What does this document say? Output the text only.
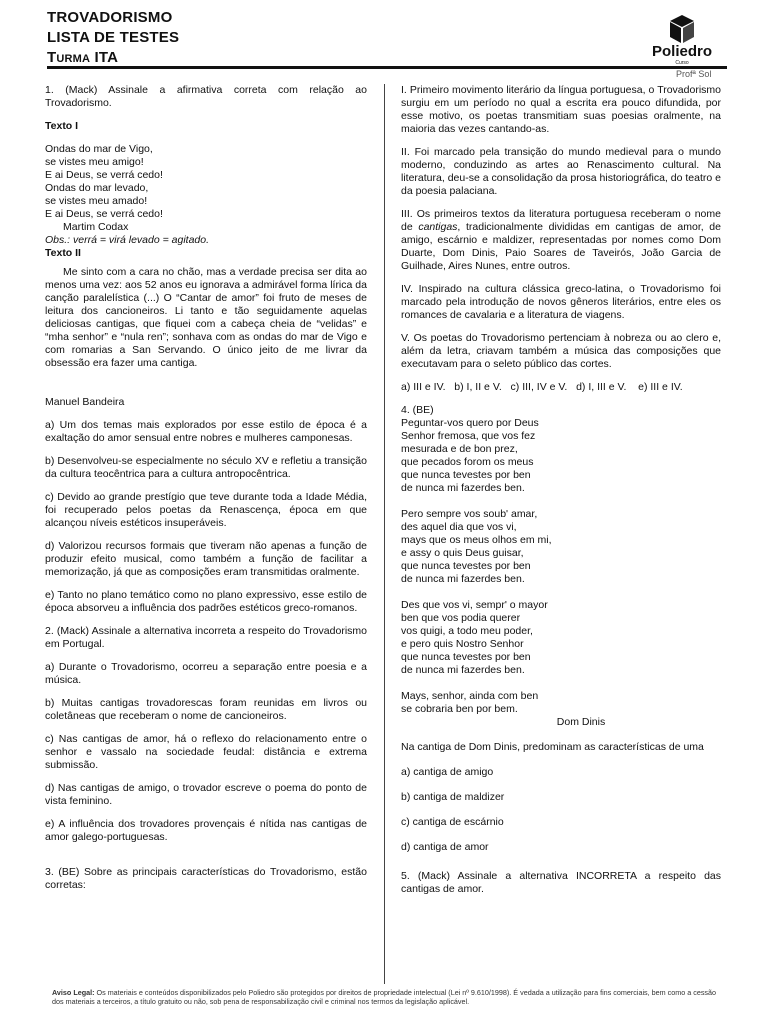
TROVADORISMO

LISTA DE TESTES

Turma ITA	Poliedro
Curso
Profª Sol

1. (Mack) Assinale a afirmativa correta com relação ao Trovadorismo.

Texto I

Ondas do mar de Vigo,
se vistes meu amigo!
E ai Deus, se verrá cedo!
Ondas do mar levado,
se vistes meu amado!
E ai Deus, se verrá cedo!

Martim Codax

Obs.: verrá = virá levado = agitado.

Texto II

Me sinto com a cara no chão, mas a verdade precisa ser dita ao menos uma vez: aos 52 anos eu ignorava a admirável forma lírica da canção paralelística (...) O “Cantar de amor” foi fruto de meses de leitura dos cancioneiros. Li tanto e tão seguidamente aquelas deliciosas cantigas, que fiquei com a cabeça cheia de “velidas” e “mha senhor” e “nula ren”; sonhava com as ondas do mar de Vigo e com romarias a San Servando. O único jeito de me livrar da obsessão era fazer uma cantiga.

Manuel Bandeira

a) Um dos temas mais explorados por esse estilo de época é a exaltação do amor sensual entre nobres e mulheres camponesas.

b) Desenvolveu-se especialmente no século XV e refletiu a transição da cultura teocêntrica para a cultura antropocêntrica.

c) Devido ao grande prestígio que teve durante toda a Idade Média, foi recuperado pelos poetas da Renascença, época em que alcançou níveis estéticos insuperáveis.

d) Valorizou recursos formais que tiveram não apenas a função de produzir efeito musical, como também a função de facilitar a memorização, já que as composições eram transmitidas oralmente.

e) Tanto no plano temático como no plano expressivo, esse estilo de época absorveu a influência dos padrões estéticos greco-romanos.

2. (Mack) Assinale a alternativa incorreta a respeito do Trovadorismo em Portugal.

a) Durante o Trovadorismo, ocorreu a separação entre poesia e a música.

b) Muitas cantigas trovadorescas foram reunidas em livros ou coletâneas que receberam o nome de cancioneiros.

c) Nas cantigas de amor, há o reflexo do relacionamento entre o senhor e vassalo na sociedade feudal: distância e extrema submissão.

d) Nas cantigas de amigo, o trovador escreve o poema do ponto de vista feminino.

e) A influência dos trovadores provençais é nítida nas cantigas de amor galego-portuguesas.

3. (BE) Sobre as principais características do Trovadorismo, estão corretas:

I. Primeiro movimento literário da língua portuguesa, o Trovadorismo surgiu em um período no qual a escrita era pouco difundida, por esse motivo, os poetas transmitiam suas poesias oralmente, na maioria das vezes cantando-as.

II. Foi marcado pela transição do mundo medieval para o mundo moderno, conduzindo as artes ao Renascimento cultural. Na literatura, deu-se a consolidação da prosa historiográfica, do teatro e da poesia palaciana.

III. Os primeiros textos da literatura portuguesa receberam o nome de cantigas, tradicionalmente divididas em cantigas de amor, de amigo, escárnio e maldizer, representadas por nomes como Dom Duarte, Dom Dinis, Paio Soares de Taveirós, João Garcia de Guilhade, Aires Nunes, entre outros.

IV. Inspirado na cultura clássica greco-latina, o Trovadorismo foi marcado pela introdução de novos gêneros literários, entre eles os romances de cavalaria e a literatura de viagens.

V. Os poetas do Trovadorismo pertenciam à nobreza ou ao clero e, além da letra, criavam também a música das composições que executavam para o seleto público das cortes.

a) III e IV.   b) I, II e V.   c) III, IV e V.   d) I, III e V.    e) III e IV.

4. (BE)

Peguntar-vos quero por Deus
Senhor fremosa, que vos fez
mesurada e de bon prez,
que pecados forom os meus
que nunca tevestes por ben
de nunca mi fazerdes ben.

Pero sempre vos soub' amar,
des aquel dia que vos vi,
mays que os meus olhos em mi,
e assy o quis Deus guisar,
que nunca tevestes por ben
de nunca mi fazerdes ben.

Des que vos vi, sempr' o mayor
ben que vos podia querer
vos quigi, a todo meu poder,
e pero quis Nostro Senhor
que nunca tevestes por ben
de nunca mi fazerdes ben.

Mays, senhor, ainda com ben
se cobraria ben por bem.

Dom Dinis

Na cantiga de Dom Dinis, predominam as características de uma

a) cantiga de amigo

b) cantiga de maldizer

c) cantiga de escárnio

d) cantiga de amor

5. (Mack) Assinale a alternativa INCORRETA a respeito das cantigas de amor.

Aviso Legal: Os materiais e conteúdos disponibilizados pelo Poliedro são protegidos por direitos de propriedade intelectual (Lei nº 9.610/1998). É vedada a utilização para fins comerciais, bem como a cessão dos materiais a terceiros, a título gratuito ou não, sob pena de responsabilização civil e criminal nos termos da legislação aplicável.
